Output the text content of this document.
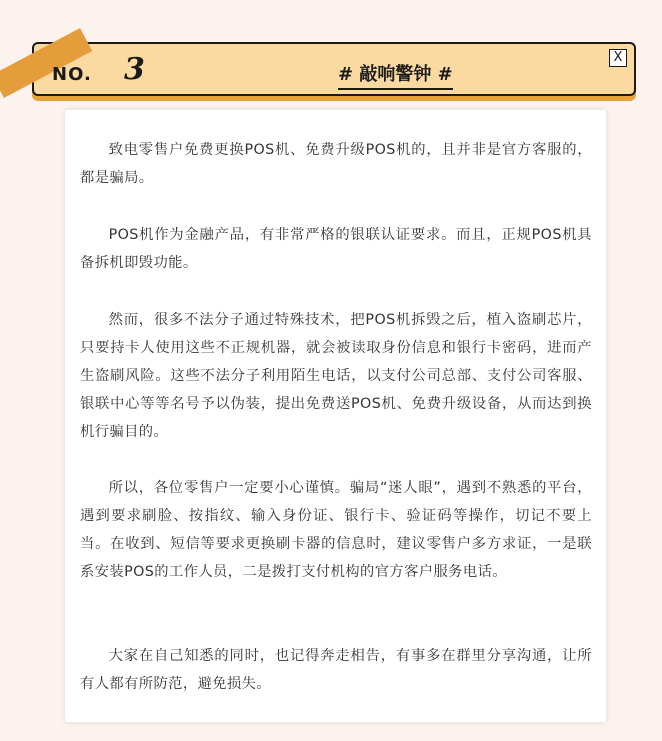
NO. 3	# 敲响警钟 #
X

致电零售户免费更换POS机、免费升级POS机的，且并非是官方客服的，都是骗局。

POS机作为金融产品，有非常严格的银联认证要求。而且，正规POS机具备拆机即毁功能。

然而，很多不法分子通过特殊技术，把POS机拆毁之后，植入盗刷芯片，只要持卡人使用这些不正规机器，就会被读取身份信息和银行卡密码，进而产生盗刷风险。这些不法分子利用陌生电话，以支付公司总部、支付公司客服、银联中心等等名号予以伪装，提出免费送POS机、免费升级设备，从而达到换机行骗目的。

所以，各位零售户一定要小心谨慎。骗局“迷人眼”，遇到不熟悉的平台，遇到要求刷脸、按指纹、输入身份证、银行卡、验证码等操作，切记不要上当。在收到、短信等要求更换刷卡器的信息时，建议零售户多方求证，一是联系安装POS的工作人员，二是拨打支付机构的官方客户服务电话。

大家在自己知悉的同时，也记得奔走相告，有事多在群里分享沟通，让所有人都有所防范，避免损失。
